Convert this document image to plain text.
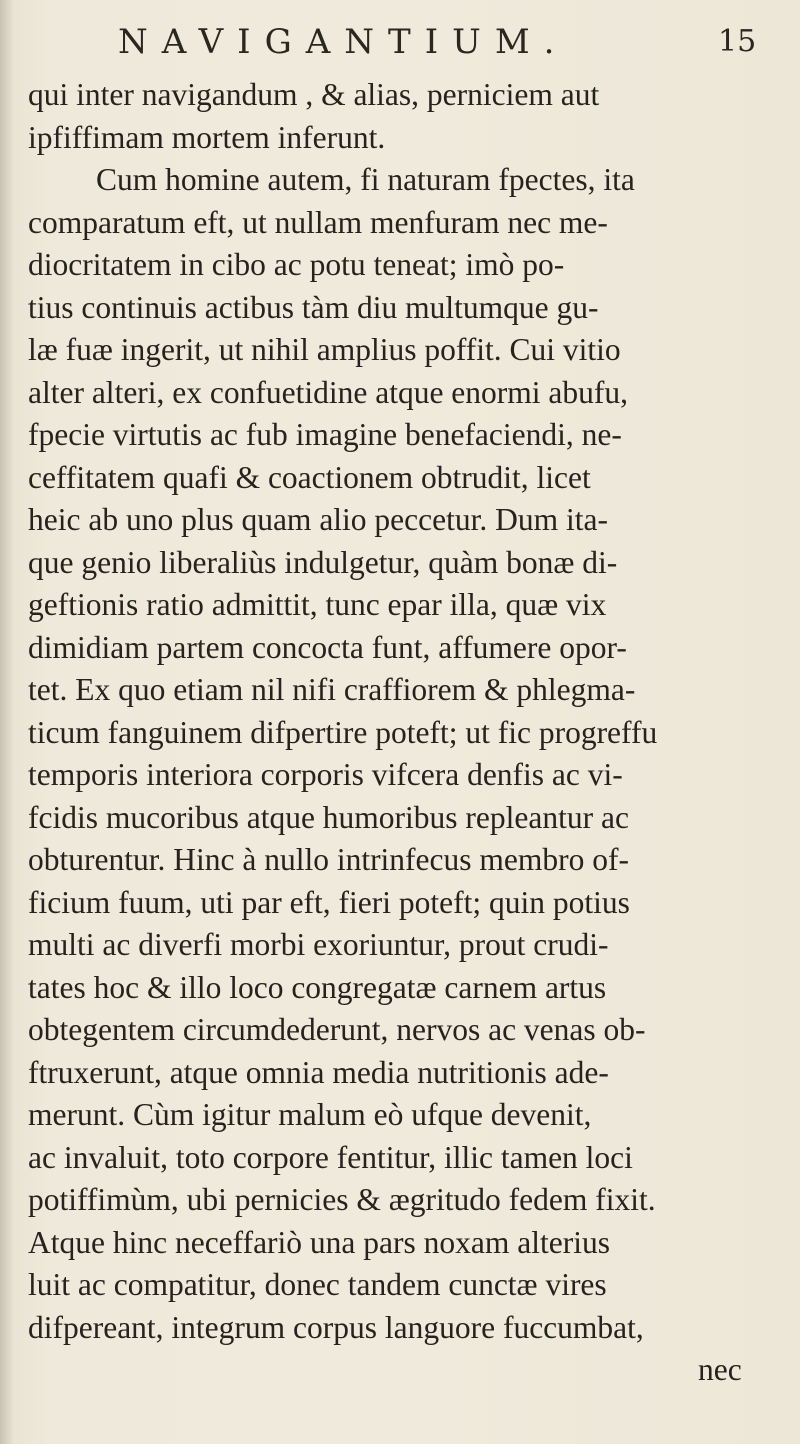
NAVIGANTIUM.	15
qui inter navigandum , & alias, perniciem aut
ipfiffimam mortem inferunt.
Cum homine autem, fi naturam fpectes, ita
comparatum eft, ut nullam menfuram nec me-
diocritatem in cibo ac potu teneat; imò po-
tius continuis actibus tàm diu multumque gu-
læ fuæ ingerit, ut nihil amplius poffit. Cui vitio
alter alteri, ex confuetidine atque enormi abufu,
fpecie virtutis ac fub imagine benefaciendi, ne-
ceffitatem quafi & coactionem obtrudit, licet
heic ab uno plus quam alio peccetur. Dum ita-
que genio liberaliùs indulgetur, quàm bonæ di-
geftionis ratio admittit, tunc epar illa, quæ vix
dimidiam partem concocta funt, affumere opor-
tet. Ex quo etiam nil nifi craffiorem & phlegma-
ticum fanguinem difpertire poteft; ut fic progreffu
temporis interiora corporis vifcera denfis ac vi-
fcidis mucoribus atque humoribus repleantur ac
obturentur. Hinc à nullo intrinfecus membro of-
ficium fuum, uti par eft, fieri poteft; quin potius
multi ac diverfi morbi exoriuntur, prout crudi-
tates hoc & illo loco congregatæ carnem artus
obtegentem circumdederunt, nervos ac venas ob-
ftruxerunt, atque omnia media nutritionis ade-
merunt. Cùm igitur malum eò ufque devenit,
ac invaluit, toto corpore fentitur, illic tamen loci
potiffimùm, ubi pernicies & ægritudo fedem fixit.
Atque hinc neceffariò una pars noxam alterius
luit ac compatitur, donec tandem cunctæ vires
difpereant, integrum corpus languore fuccumbat,
nec
